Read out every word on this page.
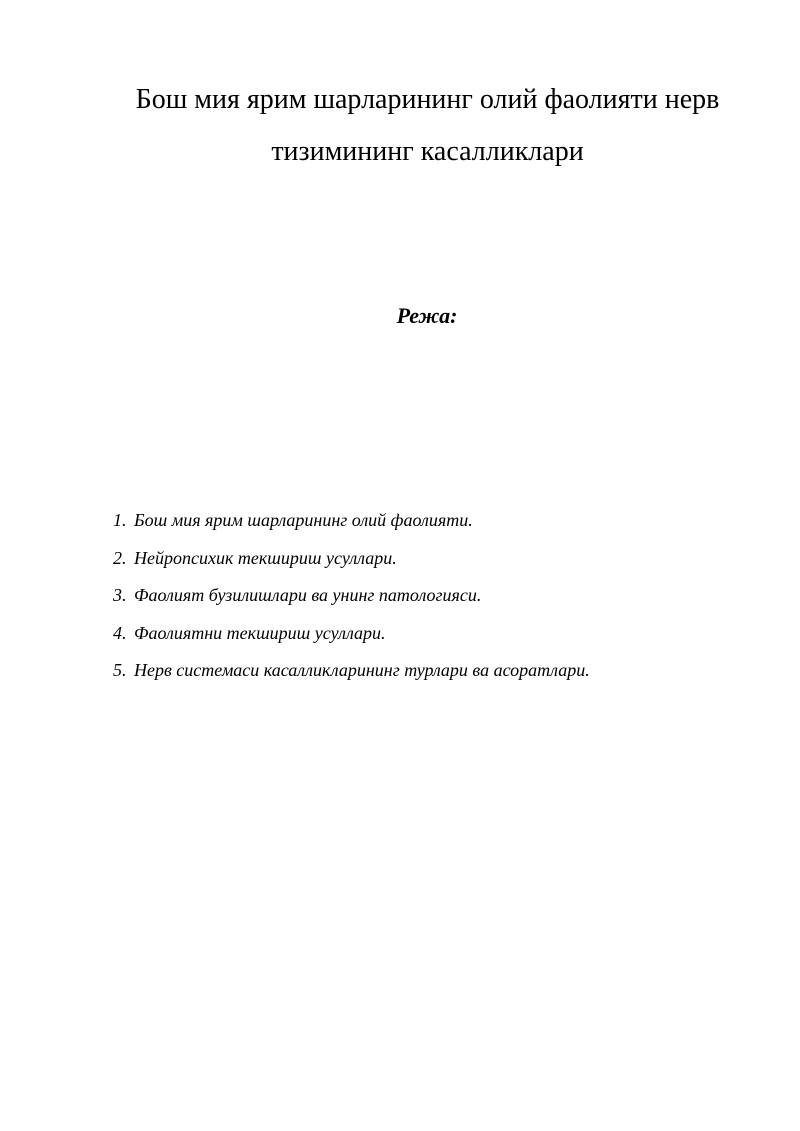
Бош мия ярим шарларининг олий фаолияти нерв
тизимининг касалликлари
Режа:
1. Бош мия ярим шарларининг олий фаолияти.
2. Нейропсихик текшириш усуллари.
3. Фаолият бузилишлари ва унинг патологияси.
4. Фаолиятни текшириш усуллари.
5. Нерв системаси касалликларининг турлари ва асоратлари.
